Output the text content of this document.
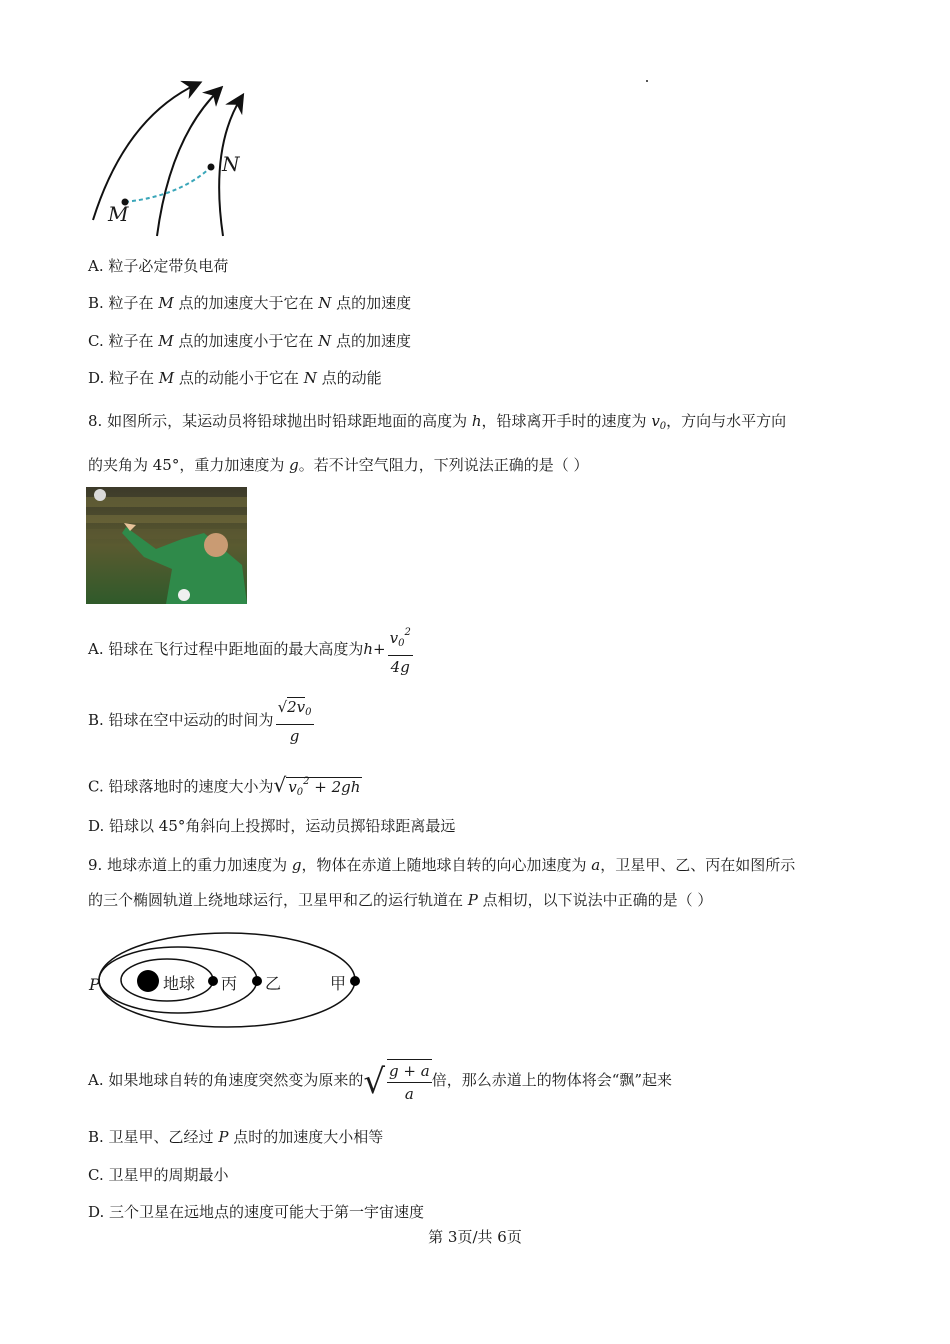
M
N
A. 粒子必定带负电荷
B. 粒子在 M 点的加速度大于它在 N 点的加速度
C. 粒子在 M 点的加速度小于它在 N 点的加速度
D. 粒子在 M 点的动能小于它在 N 点的动能
8. 如图所示，某运动员将铅球抛出时铅球距地面的高度为 h，铅球离开手时的速度为 $v_0$，方向与水平方向
的夹角为 45°，重力加速度为 g。若不计空气阻力，下列说法正确的是（ ）
A. 铅球在飞行过程中距地面的最大高度为$h+ \frac{v_0^2}{4g}$
B. 铅球在空中运动的时间为 $\frac{√2v_0}{g}$
C. 铅球落地时的速度大小为√ $v_0^2 + 2gh$
D. 铅球以 45°角斜向上投掷时，运动员掷铅球距离最远
9. 地球赤道上的重力加速度为 g，物体在赤道上随地球自转的向心加速度为 a，卫星甲、乙、丙在如图所示
的三个椭圆轨道上绕地球运行，卫星甲和乙的运行轨道在 P 点相切，以下说法中正确的是（ ）
P	地球 丙 乙	甲
A. 如果地球自转的角速度突然变为原来的√ $\frac{g + a}{a}$ 倍，那么赤道上的物体将会“飘”起来
B. 卫星甲、乙经过 P 点时的加速度大小相等
C. 卫星甲的周期最小
D. 三个卫星在远地点的速度可能大于第一宇宙速度
第 3页/共 6页
